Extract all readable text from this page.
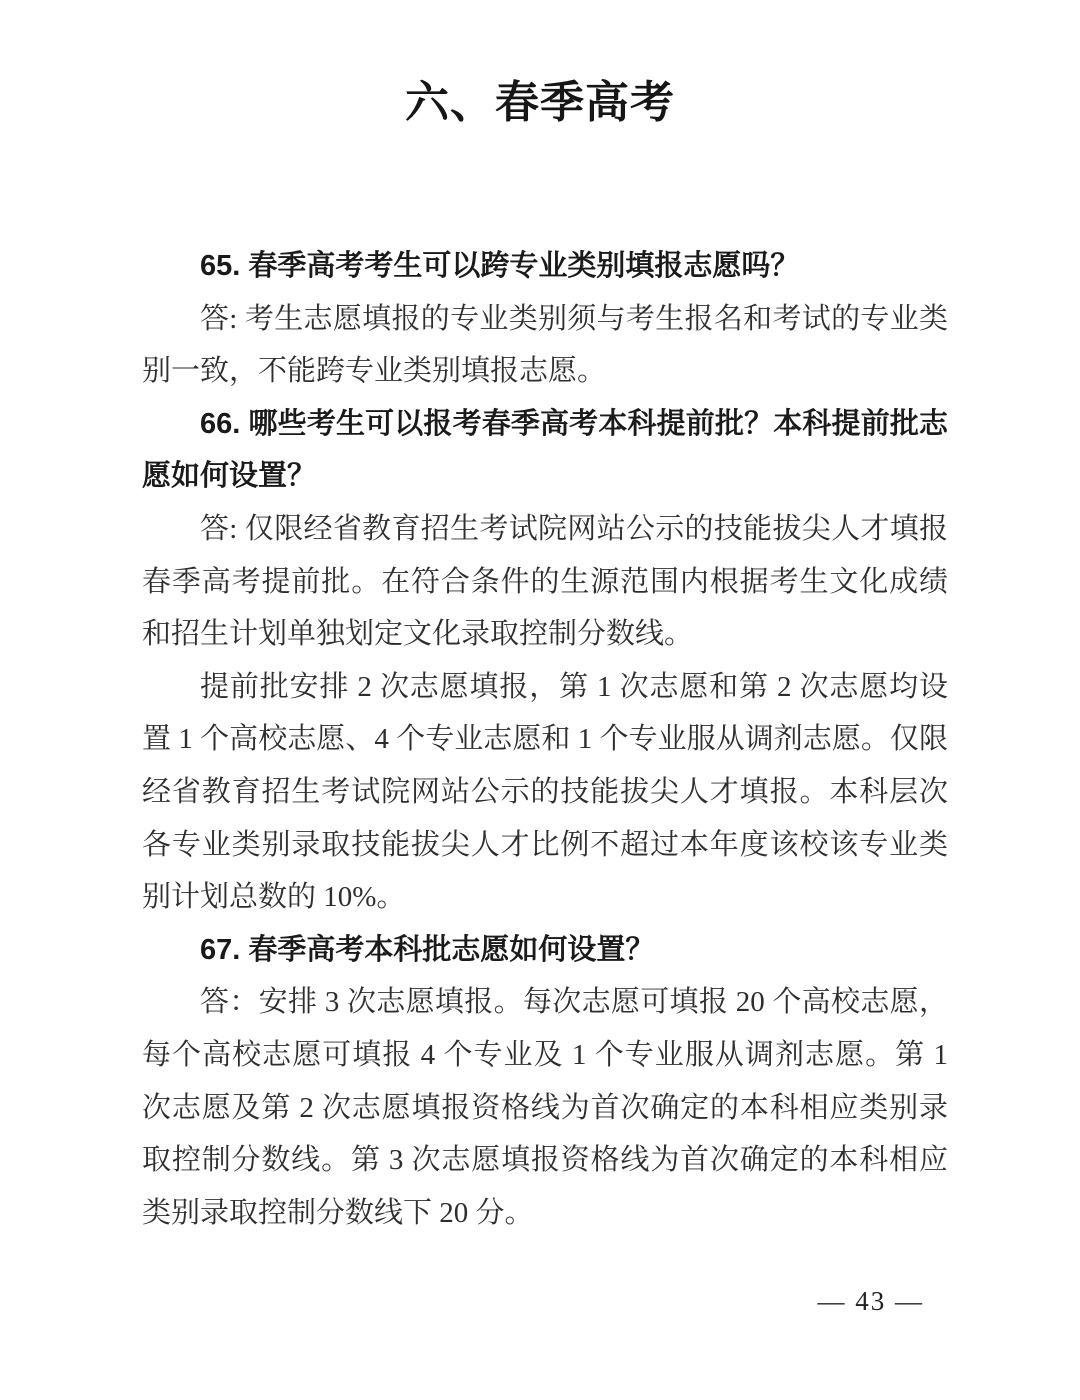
六、春季高考

65. 春季高考考生可以跨专业类别填报志愿吗？

答: 考生志愿填报的专业类别须与考生报名和考试的专业类别一致，不能跨专业类别填报志愿。

66. 哪些考生可以报考春季高考本科提前批？本科提前批志愿如何设置？

答: 仅限经省教育招生考试院网站公示的技能拔尖人才填报春季高考提前批。在符合条件的生源范围内根据考生文化成绩和招生计划单独划定文化录取控制分数线。

提前批安排 2 次志愿填报，第 1 次志愿和第 2 次志愿均设置 1 个高校志愿、4 个专业志愿和 1 个专业服从调剂志愿。仅限经省教育招生考试院网站公示的技能拔尖人才填报。本科层次各专业类别录取技能拔尖人才比例不超过本年度该校该专业类别计划总数的 10%。

67. 春季高考本科批志愿如何设置？

答：安排 3 次志愿填报。每次志愿可填报 20 个高校志愿，每个高校志愿可填报 4 个专业及 1 个专业服从调剂志愿。第 1 次志愿及第 2 次志愿填报资格线为首次确定的本科相应类别录取控制分数线。第 3 次志愿填报资格线为首次确定的本科相应类别录取控制分数线下 20 分。

— 43 —
